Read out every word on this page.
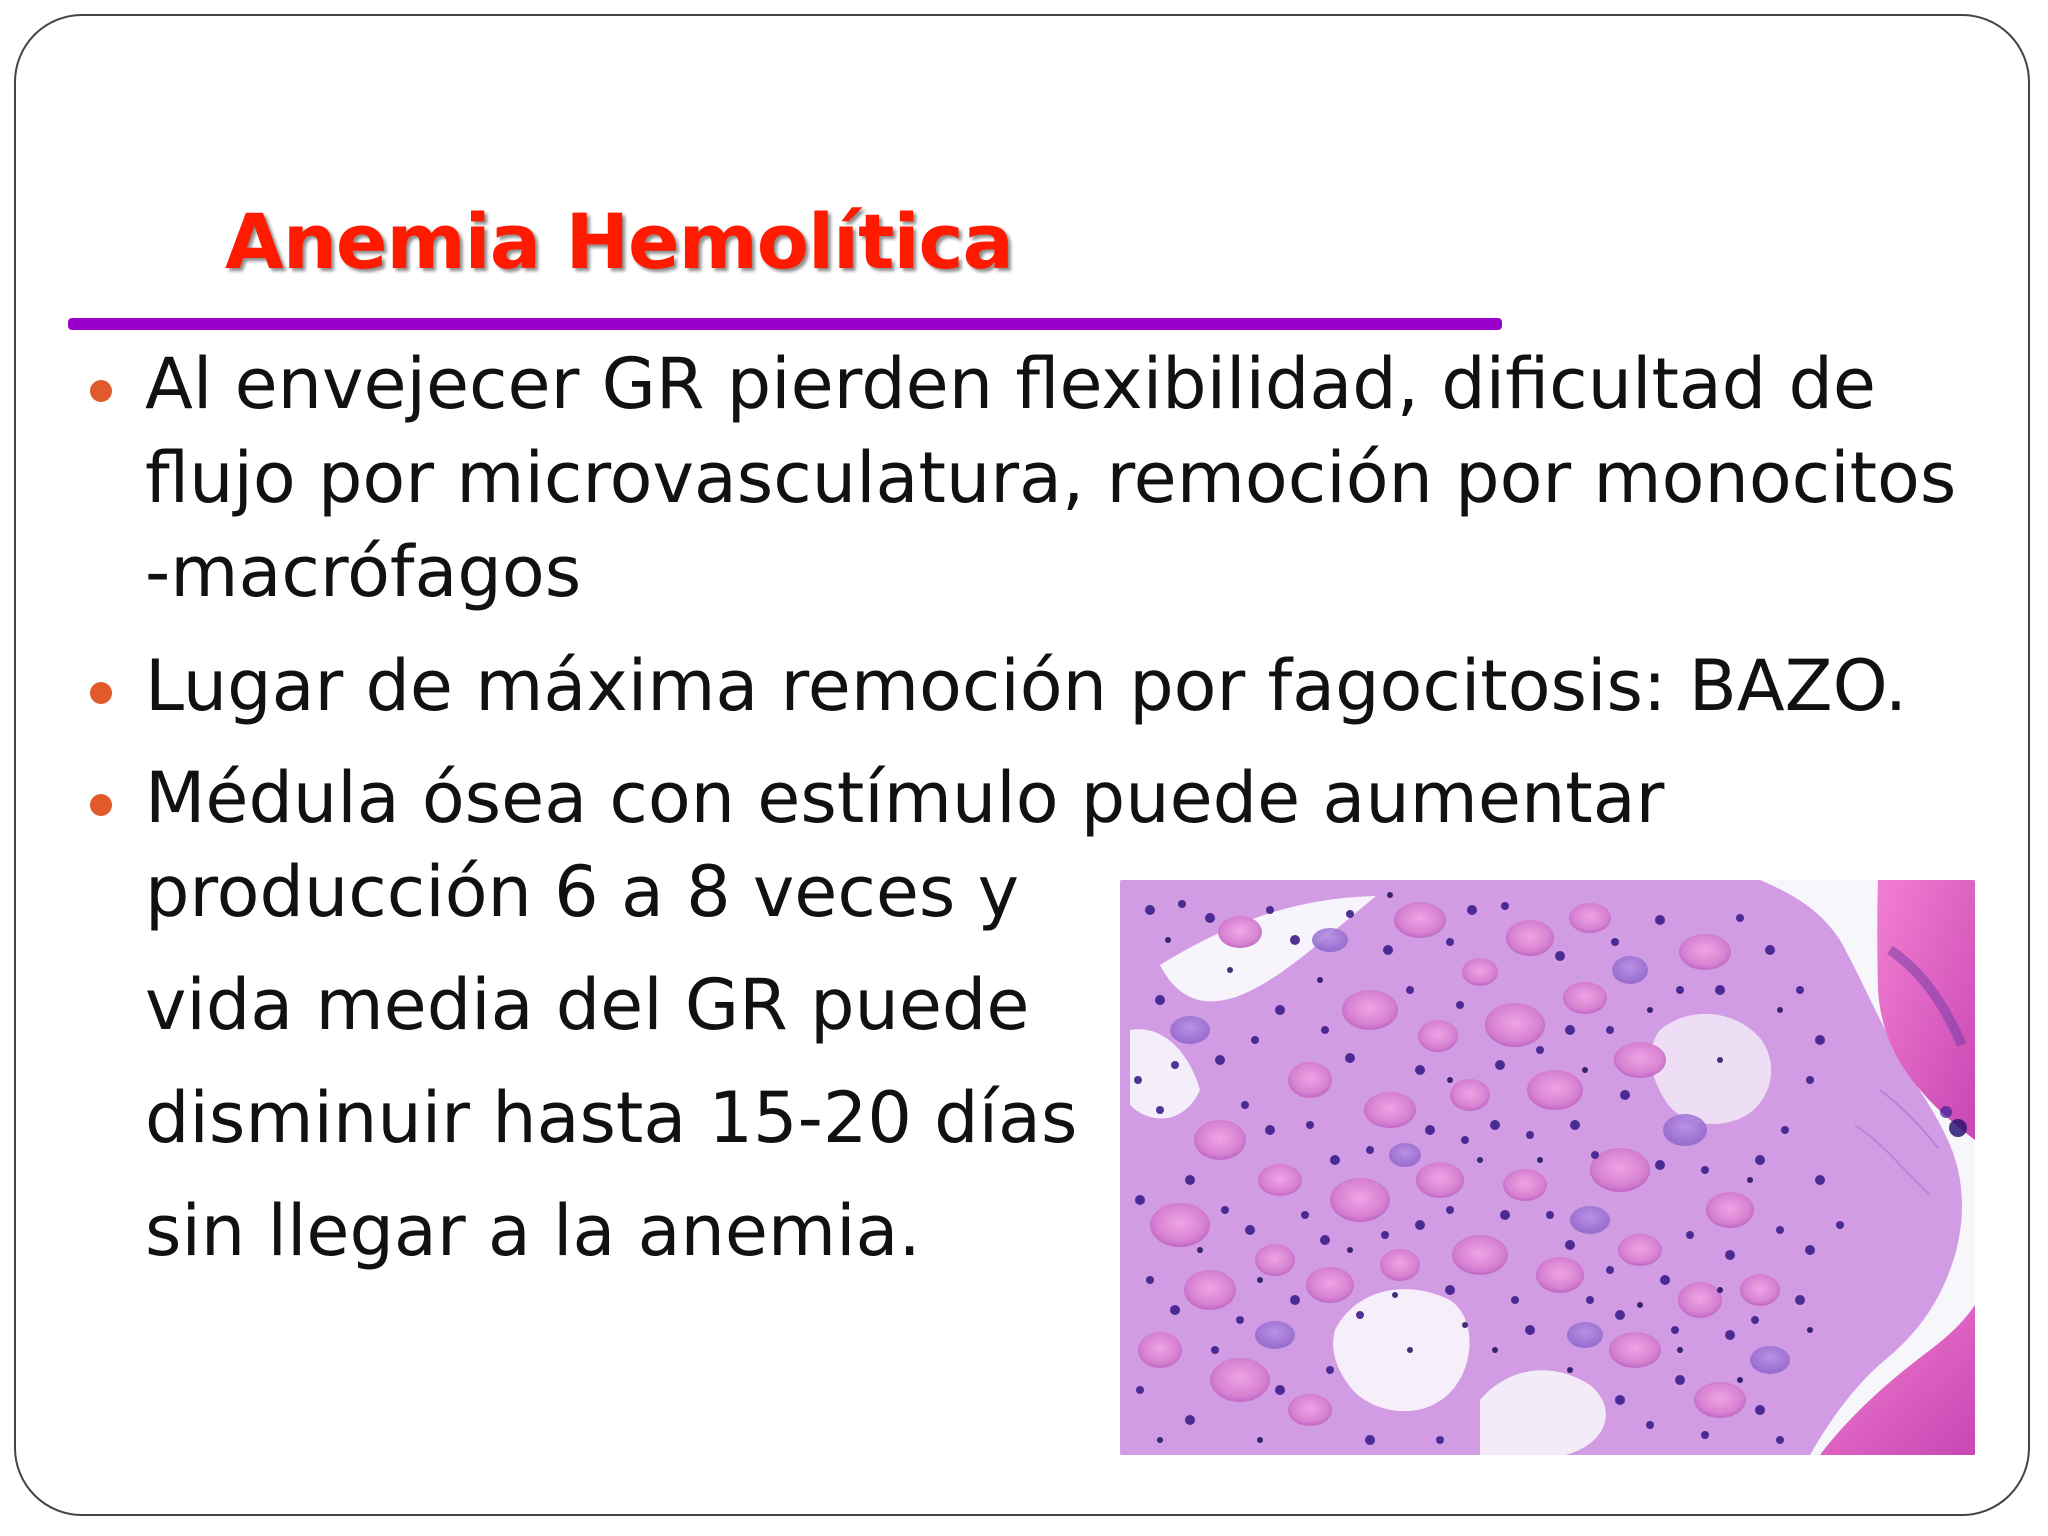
Anemia Hemolítica

Al envejecer GR pierden flexibilidad, dificultad de

flujo por microvasculatura, remoción por monocitos

-macrófagos

Lugar de máxima remoción por fagocitosis: BAZO.

Médula ósea con estímulo puede aumentar

producción 6 a 8 veces y

vida media del GR puede

disminuir hasta 15-20 días

sin llegar a la anemia.
